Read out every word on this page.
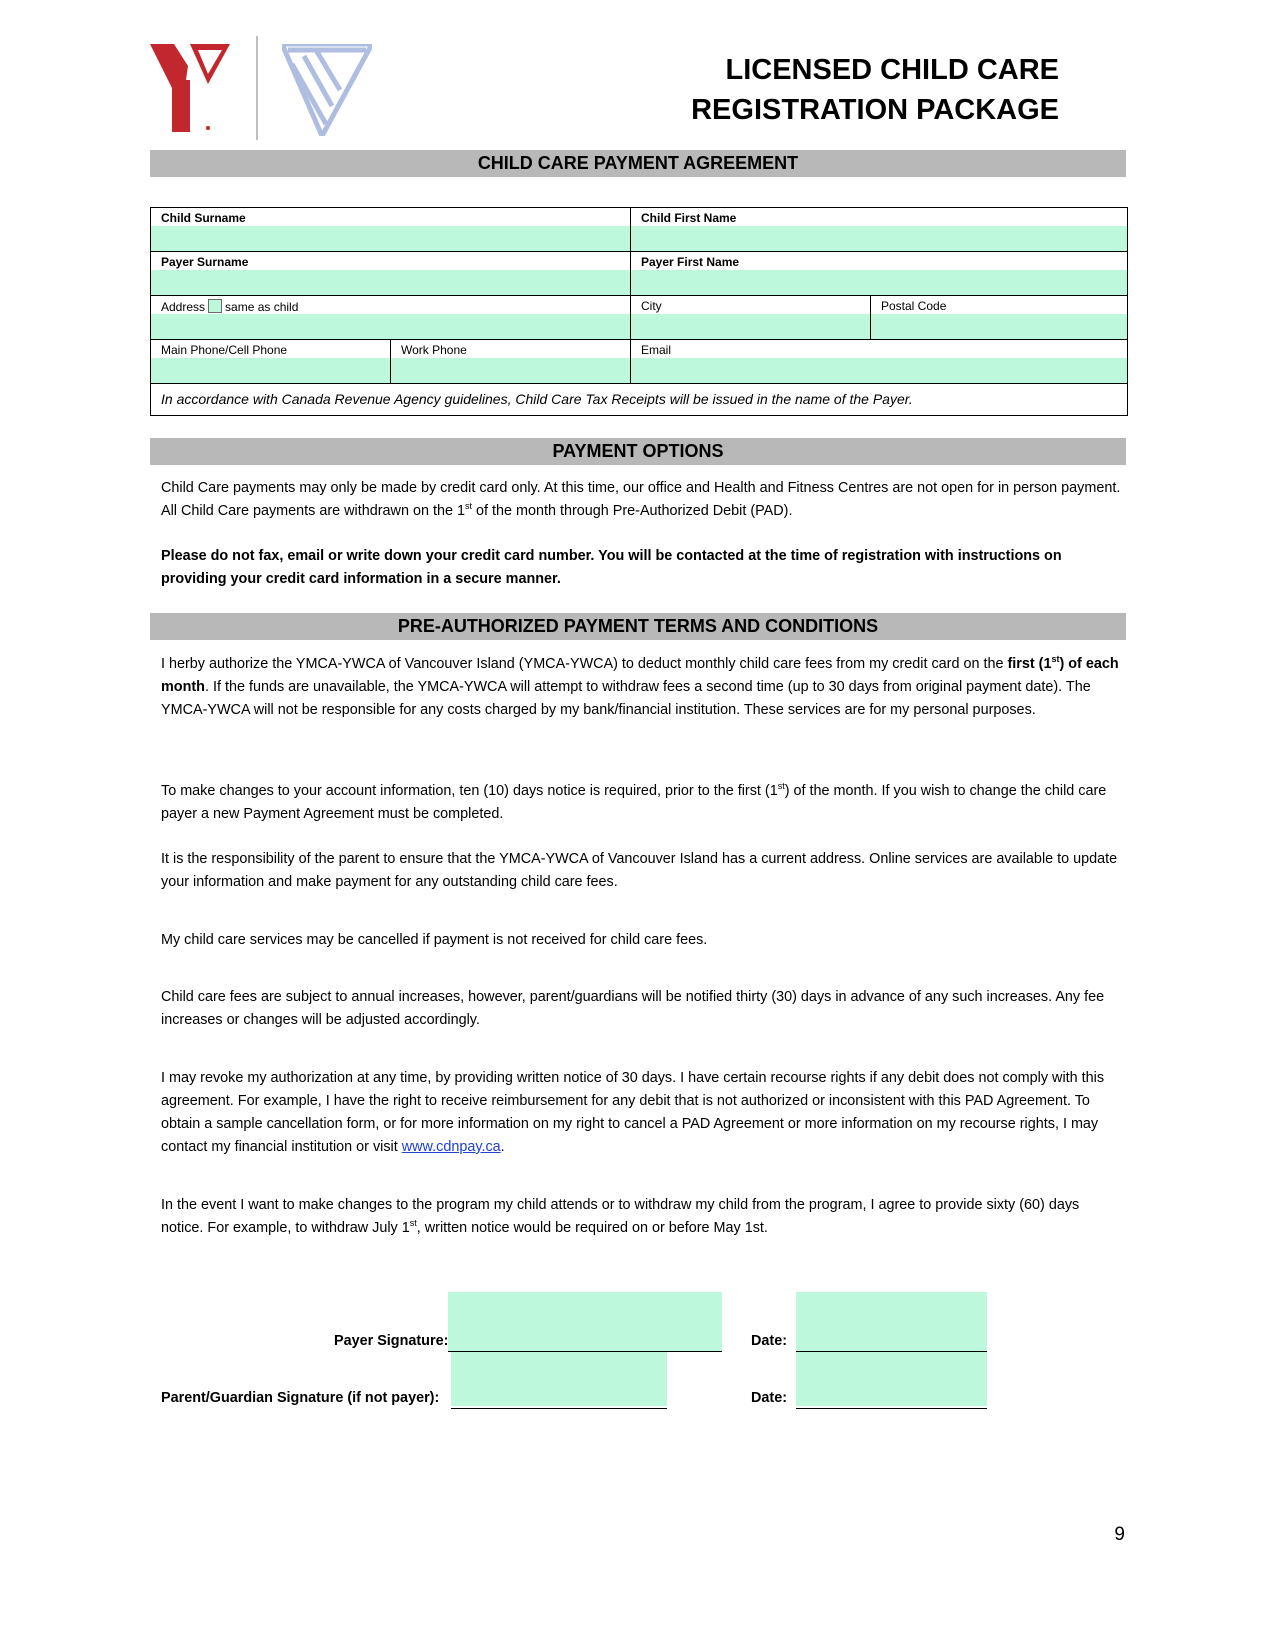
LICENSED CHILD CARE
REGISTRATION PACKAGE
CHILD CARE PAYMENT AGREEMENT
Child Surname		Child First Name	

Payer Surname		Payer First Name	

Address same as child		City	Postal Code

Main Phone/Cell Phone	Work Phone	Email	

In accordance with Canada Revenue Agency guidelines, Child Care Tax Receipts will be issued in the name of the Payer.			
PAYMENT OPTIONS
Child Care payments may only be made by credit card only. At this time, our office and Health and Fitness Centres are not open for in person payment. All Child Care payments are withdrawn on the 1st of the month through Pre-Authorized Debit (PAD).
Please do not fax, email or write down your credit card number. You will be contacted at the time of registration with instructions on providing your credit card information in a secure manner.
PRE-AUTHORIZED PAYMENT TERMS AND CONDITIONS
I herby authorize the YMCA-YWCA of Vancouver Island (YMCA-YWCA) to deduct monthly child care fees from my credit card on the first (1st) of each month. If the funds are unavailable, the YMCA-YWCA will attempt to withdraw fees a second time (up to 30 days from original payment date). The YMCA-YWCA will not be responsible for any costs charged by my bank/financial institution. These services are for my personal purposes.
To make changes to your account information, ten (10) days notice is required, prior to the first (1st) of the month. If you wish to change the child care payer a new Payment Agreement must be completed.
It is the responsibility of the parent to ensure that the YMCA-YWCA of Vancouver Island has a current address. Online services are available to update your information and make payment for any outstanding child care fees.
My child care services may be cancelled if payment is not received for child care fees.
Child care fees are subject to annual increases, however, parent/guardians will be notified thirty (30) days in advance of any such increases. Any fee increases or changes will be adjusted accordingly.
I may revoke my authorization at any time, by providing written notice of 30 days. I have certain recourse rights if any debit does not comply with this agreement. For example, I have the right to receive reimbursement for any debit that is not authorized or inconsistent with this PAD Agreement. To obtain a sample cancellation form, or for more information on my right to cancel a PAD Agreement or more information on my recourse rights, I may contact my financial institution or visit www.cdnpay.ca.
In the event I want to make changes to the program my child attends or to withdraw my child from the program, I agree to provide sixty (60) days notice. For example, to withdraw July 1st, written notice would be required on or before May 1st.
Payer Signature:	Date:
Parent/Guardian Signature (if not payer):	Date:
9
